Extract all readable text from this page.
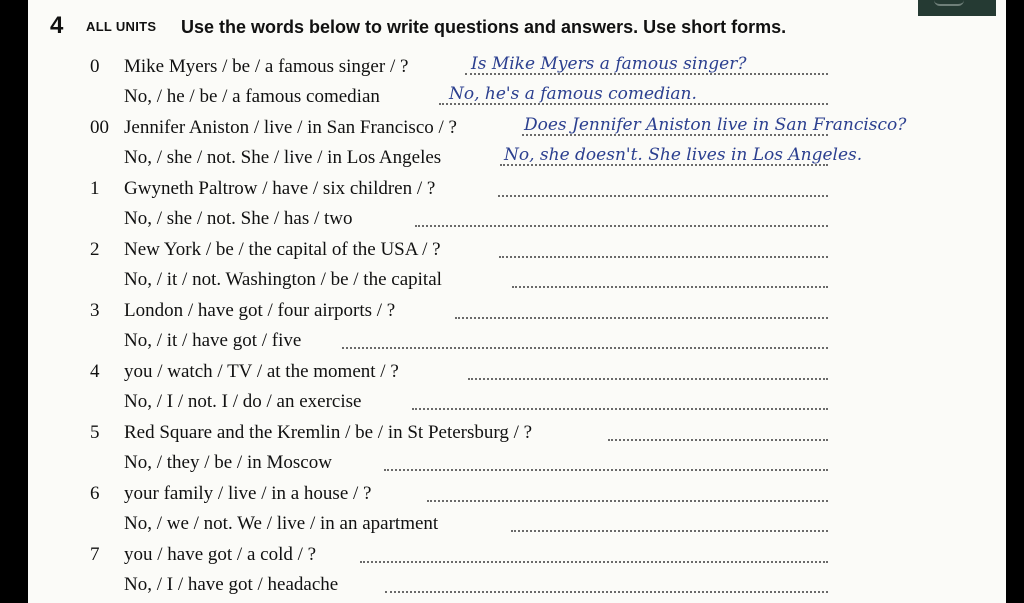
4 ALL UNITS Use the words below to write questions and answers. Use short forms.
0 Mike Myers / be / a famous singer / ?	Is Mike Myers a famous singer?
No, / he / be / a famous comedian	No, he's a famous comedian.
00 Jennifer Aniston / live / in San Francisco / ?	Does Jennifer Aniston live in San Francisco?
No, / she / not. She / live / in Los Angeles	No, she doesn't. She lives in Los Angeles.
1 Gwyneth Paltrow / have / six children / ?
No, / she / not. She / has / two
2 New York / be / the capital of the USA / ?
No, / it / not. Washington / be / the capital
3 London / have got / four airports / ?
No, / it / have got / five
4 you / watch / TV / at the moment / ?
No, / I / not. I / do / an exercise
5 Red Square and the Kremlin / be / in St Petersburg / ?
No, / they / be / in Moscow
6 your family / live / in a house / ?
No, / we / not. We / live / in an apartment
7 you / have got / a cold / ?
No, / I / have got / headache
